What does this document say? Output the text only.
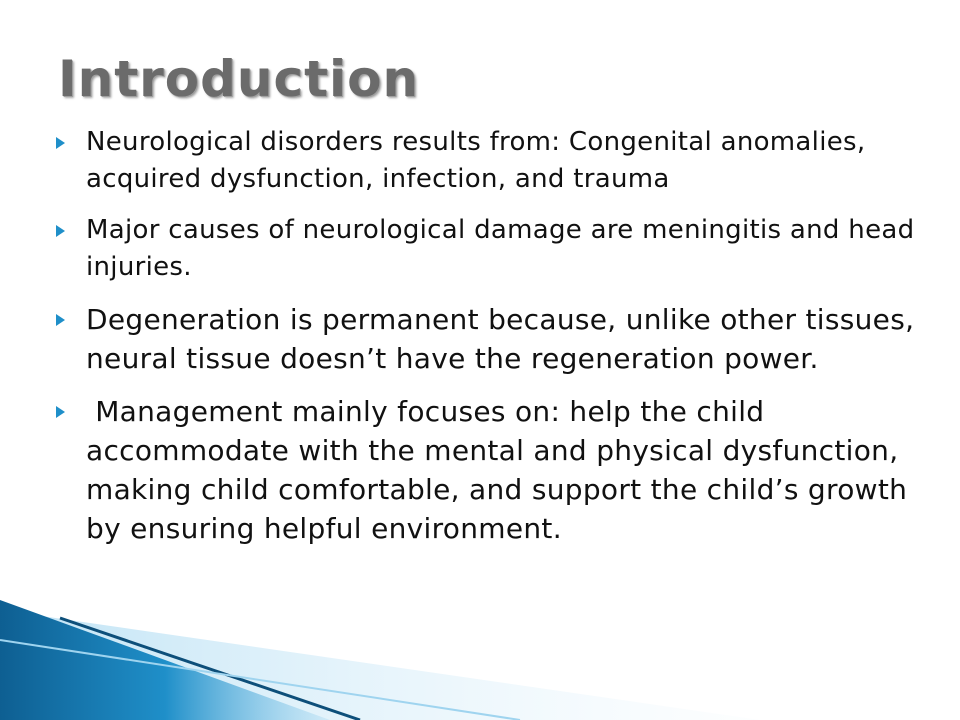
Introduction
Neurological disorders results from: Congenital anomalies, acquired dysfunction, infection, and trauma
Major causes of neurological damage are meningitis and head injuries.
Degeneration is permanent because, unlike other tissues, neural tissue doesn’t have the regeneration power.
Management mainly focuses on: help the child accommodate with the mental and physical dysfunction, making child comfortable, and support the child’s growth by ensuring helpful environment.
